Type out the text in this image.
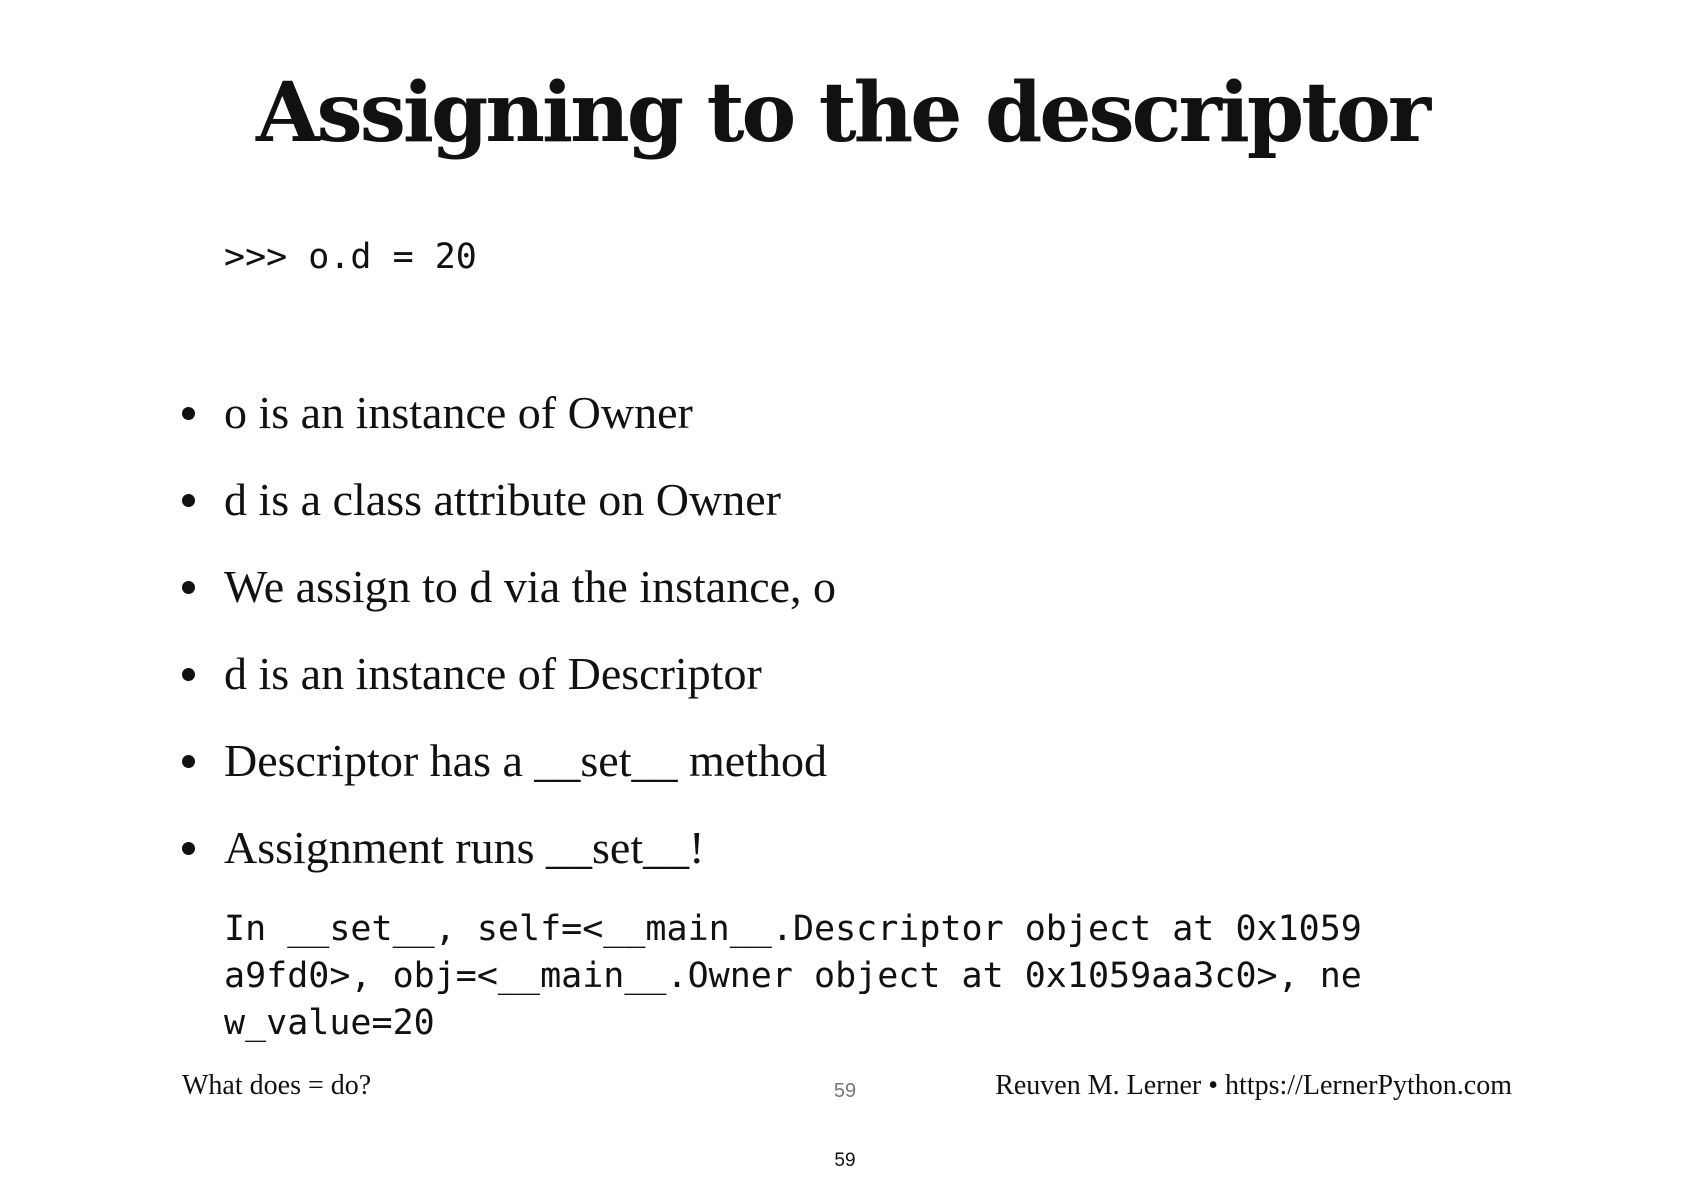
Assigning to the descriptor
>>> o.d = 20
o is an instance of Owner
d is a class attribute on Owner
We assign to d via the instance, o
d is an instance of Descriptor
Descriptor has a __set__ method
Assignment runs __set__!
In __set__, self=<__main__.Descriptor object at 0x1059a9fd0>, obj=<__main__.Owner object at 0x1059aa3c0>, new_value=20
What does = do?	59	Reuven M. Lerner • https://LernerPython.com
59
